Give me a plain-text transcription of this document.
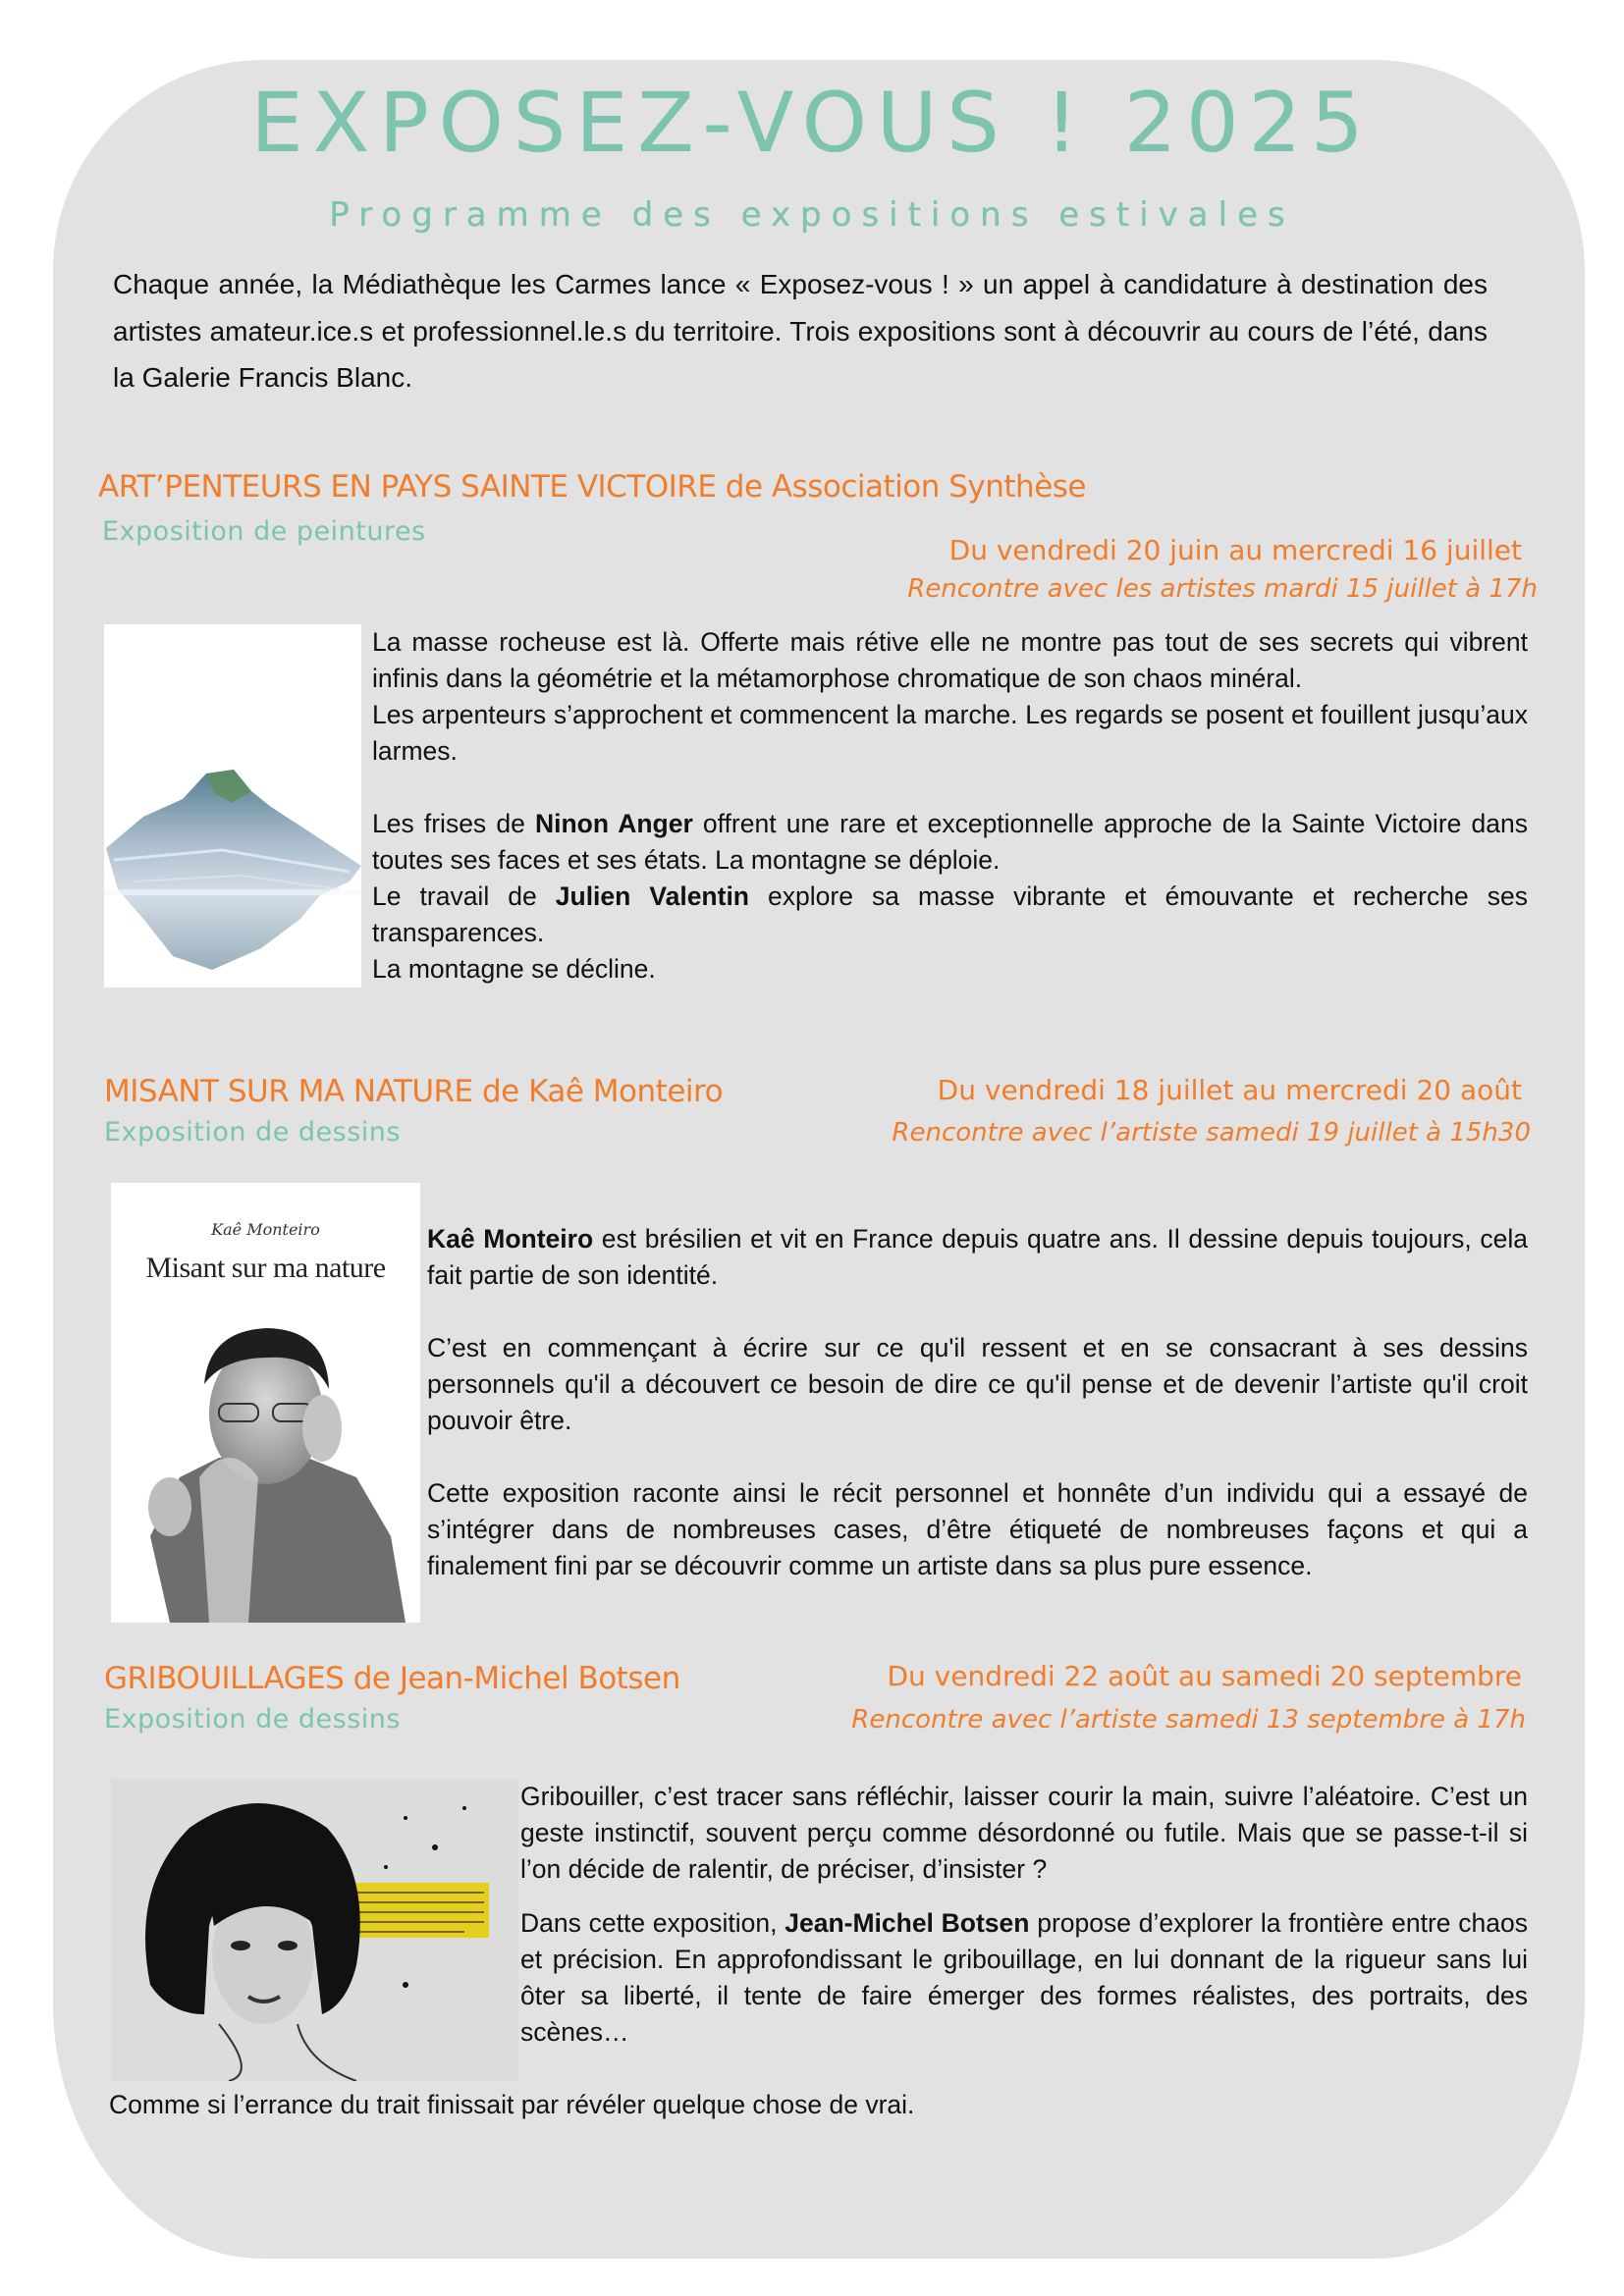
EXPOSEZ-VOUS ! 2025
Programme des expositions estivales
Chaque année, la Médiathèque les Carmes lance « Exposez-vous ! » un appel à candidature à destination des artistes amateur.ice.s et professionnel.le.s du territoire. Trois expositions sont à découvrir au cours de l’été, dans la Galerie Francis Blanc.
ART’PENTEURS EN PAYS SAINTE VICTOIRE de Association Synthèse
Exposition de peintures
Du vendredi 20 juin au mercredi 16 juillet
Rencontre avec les artistes mardi 15 juillet à 17h

La masse rocheuse est là. Offerte mais rétive elle ne montre pas tout de ses secrets qui vibrent infinis dans la géométrie et la métamorphose chromatique de son chaos minéral.

Les arpenteurs s’approchent et commencent la marche. Les regards se posent et fouillent jusqu’aux larmes.

Les frises de Ninon Anger offrent une rare et exceptionnelle approche de la Sainte Victoire dans toutes ses faces et ses états. La montagne se déploie.

Le travail de Julien Valentin explore sa masse vibrante et émouvante et recherche ses transparences.

La montagne se décline.

MISANT SUR MA NATURE de Kaê Monteiro
Exposition de dessins
Du vendredi 18 juillet au mercredi 20 août
Rencontre avec l’artiste samedi 19 juillet à 15h30
Kaê Monteiro
Misant sur ma nature

Kaê Monteiro est brésilien et vit en France depuis quatre ans. Il dessine depuis toujours, cela fait partie de son identité.

C’est en commençant à écrire sur ce qu'il ressent et en se consacrant à ses dessins personnels qu'il a découvert ce besoin de dire ce qu'il pense et de devenir l’artiste qu'il croit pouvoir être.

Cette exposition raconte ainsi le récit personnel et honnête d’un individu qui a essayé de s’intégrer dans de nombreuses cases, d’être étiqueté de nombreuses façons et qui a finalement fini par se découvrir comme un artiste dans sa plus pure essence.

GRIBOUILLAGES de Jean-Michel Botsen
Exposition de dessins
Du vendredi 22 août au samedi 20 septembre
Rencontre avec l’artiste samedi 13 septembre à 17h

Gribouiller, c’est tracer sans réfléchir, laisser courir la main, suivre l’aléatoire. C’est un geste instinctif, souvent perçu comme désordonné ou futile. Mais que se passe-t-il si l’on décide de ralentir, de préciser, d’insister ?

Dans cette exposition, Jean-Michel Botsen propose d’explorer la frontière entre chaos et précision. En approfondissant le gribouillage, en lui donnant de la rigueur sans lui ôter sa liberté, il tente de faire émerger des formes réalistes, des portraits, des scènes…

Comme si l’errance du trait finissait par révéler quelque chose de vrai.
